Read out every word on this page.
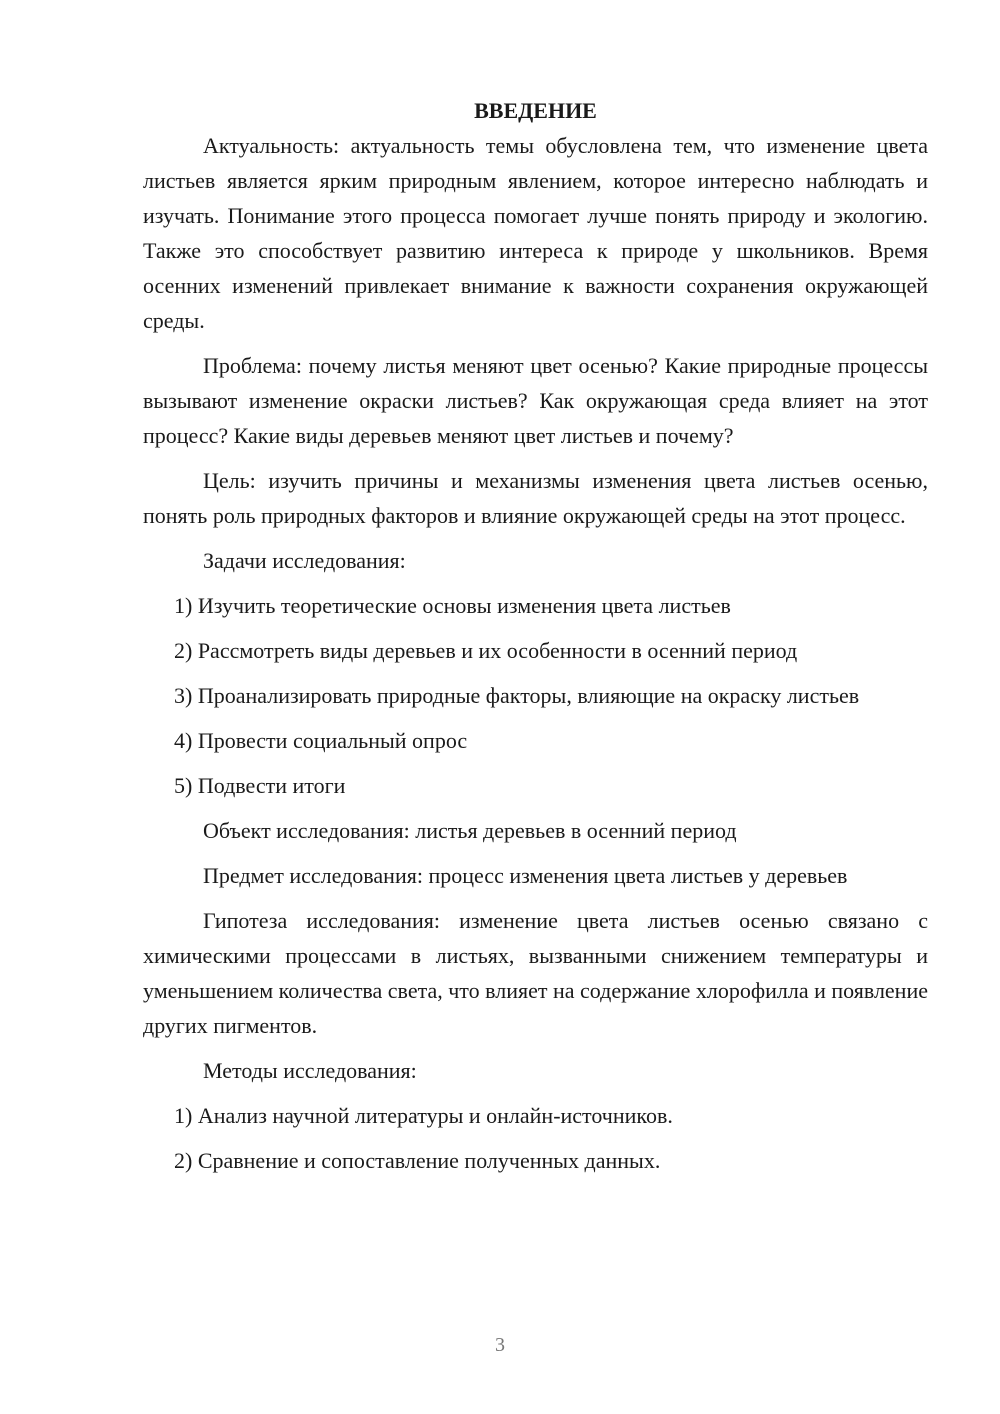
ВВЕДЕНИЕ

Актуальность: актуальность темы обусловлена тем, что изменение цвета листьев является ярким природным явлением, которое интересно наблюдать и изучать. Понимание этого процесса помогает лучше понять природу и экологию. Также это способствует развитию интереса к природе у школьников. Время осенних изменений привлекает внимание к важности сохранения окружающей среды.

Проблема: почему листья меняют цвет осенью? Какие природные процессы вызывают изменение окраски листьев? Как окружающая среда влияет на этот процесс? Какие виды деревьев меняют цвет листьев и почему?

Цель: изучить причины и механизмы изменения цвета листьев осенью, понять роль природных факторов и влияние окружающей среды на этот процесс.

Задачи исследования:

1) Изучить теоретические основы изменения цвета листьев

2) Рассмотреть виды деревьев и их особенности в осенний период

3) Проанализировать природные факторы, влияющие на окраску листьев

4) Провести социальный опрос

5) Подвести итоги

Объект исследования: листья деревьев в осенний период

Предмет исследования: процесс изменения цвета листьев у деревьев

Гипотеза исследования: изменение цвета листьев осенью связано с химическими процессами в листьях, вызванными снижением температуры и уменьшением количества света, что влияет на содержание хлорофилла и появление других пигментов.

Методы исследования:

1) Анализ научной литературы и онлайн-источников.

2) Сравнение и сопоставление полученных данных.

3
